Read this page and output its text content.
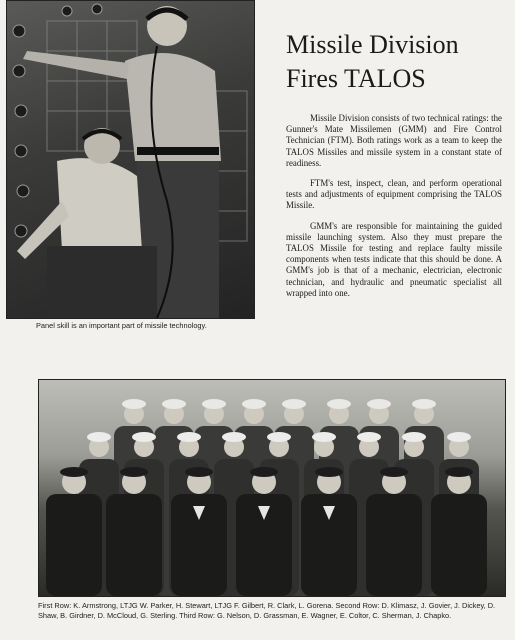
Panel skill is an important part of missile technology.
Missile Division
Fires TALOS

Missile Division consists of two technical ratings: the Gunner's Mate Missilemen (GMM) and Fire Control Technician (FTM). Both ratings work as a team to keep the TALOS Missiles and missile system in a constant state of readiness.

FTM's test, inspect, clean, and perform operational tests and adjustments of equipment comprising the TALOS Missile.

GMM's are responsible for maintaining the guided missile launching system. Also they must prepare the TALOS Missile for testing and replace faulty missile components when tests indicate that this should be done. A GMM's job is that of a mechanic, electrician, electronic technician, and hydraulic and pneumatic specialist all wrapped into one.

First Row: K. Armstrong, LTJG W. Parker, H. Stewart, LTJG F. Gilbert, R. Clark, L. Gorena. Second Row: D. Klimasz, J. Govier, J. Dickey, D. Shaw, B. Girdner, D. McCloud, G. Sterling. Third Row: G. Nelson, D. Grassman, E. Wagner, E. Coltor, C. Sherman, J. Chapko.
